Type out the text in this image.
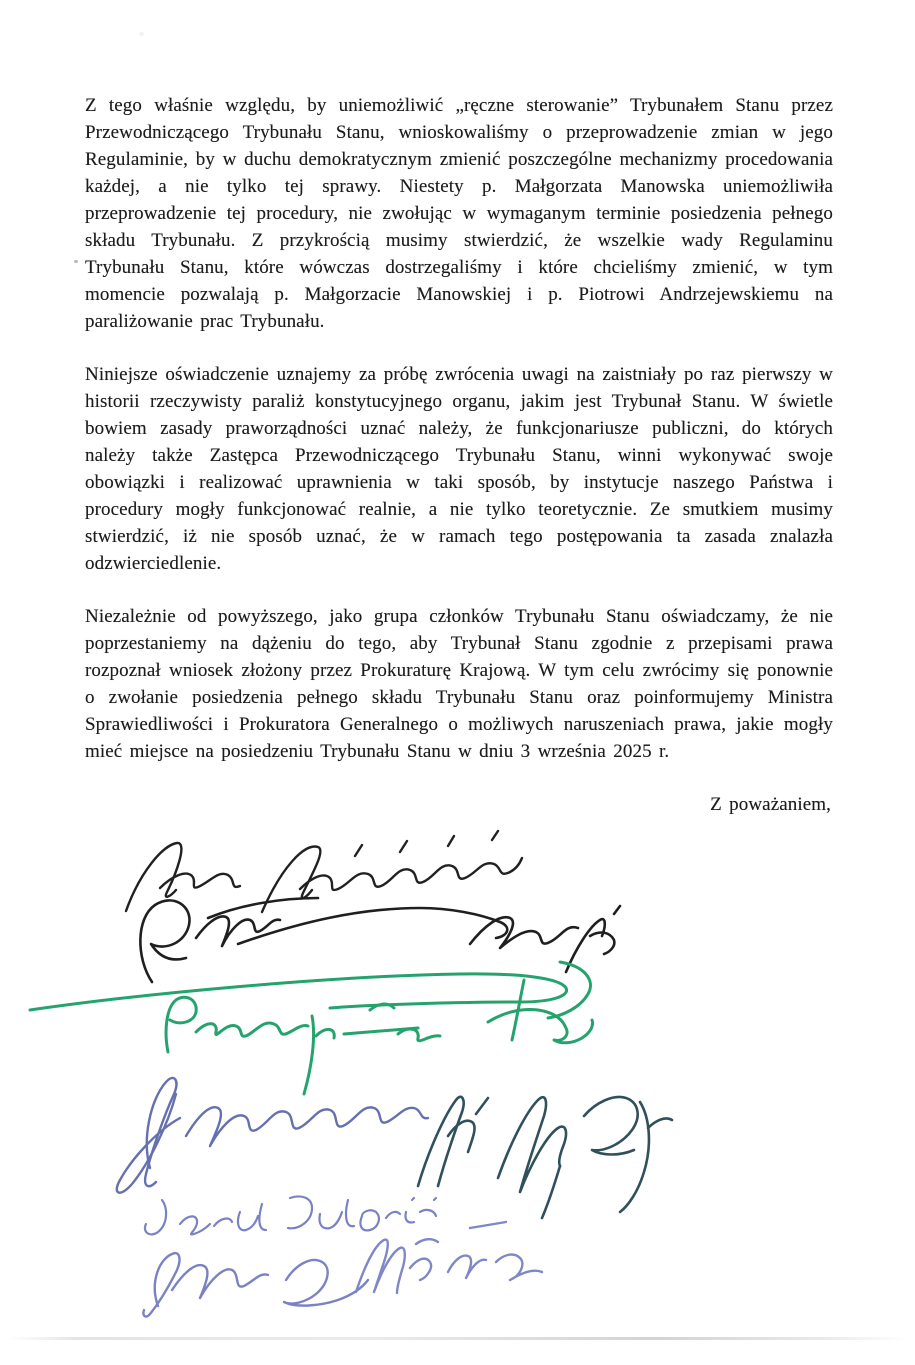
Z tego właśnie względu, by uniemożliwić „ręczne sterowanie” Trybunałem Stanu przez Przewodniczącego Trybunału Stanu, wnioskowaliśmy o przeprowadzenie zmian w jego Regulaminie, by w duchu demokratycznym zmienić poszczególne mechanizmy procedowania każdej, a nie tylko tej sprawy. Niestety p. Małgorzata Manowska uniemożliwiła przeprowadzenie tej procedury, nie zwołując w wymaganym terminie posiedzenia pełnego składu Trybunału. Z przykrością musimy stwierdzić, że wszelkie wady Regulaminu Trybunału Stanu, które wówczas dostrzegaliśmy i które chcieliśmy zmienić, w tym momencie pozwalają p. Małgorzacie Manowskiej i p. Piotrowi Andrzejewskiemu na paraliżowanie prac Trybunału.

Niniejsze oświadczenie uznajemy za próbę zwrócenia uwagi na zaistniały po raz pierwszy w historii rzeczywisty paraliż konstytucyjnego organu, jakim jest Trybunał Stanu. W świetle bowiem zasady praworządności uznać należy, że funkcjonariusze publiczni, do których należy także Zastępca Przewodniczącego Trybunału Stanu, winni wykonywać swoje obowiązki i realizować uprawnienia w taki sposób, by instytucje naszego Państwa i procedury mogły funkcjonować realnie, a nie tylko teoretycznie. Ze smutkiem musimy stwierdzić, iż nie sposób uznać, że w ramach tego postępowania ta zasada znalazła odzwierciedlenie.

Niezależnie od powyższego, jako grupa członków Trybunału Stanu oświadczamy, że nie poprzestaniemy na dążeniu do tego, aby Trybunał Stanu zgodnie z przepisami prawa rozpoznał wniosek złożony przez Prokuraturę Krajową. W tym celu zwrócimy się ponownie o zwołanie posiedzenia pełnego składu Trybunału Stanu oraz poinformujemy Ministra Sprawiedliwości i Prokuratora Generalnego o możliwych naruszeniach prawa, jakie mogły mieć miejsce na posiedzeniu Trybunału Stanu w dniu 3 września 2025 r.

Z poważaniem,
